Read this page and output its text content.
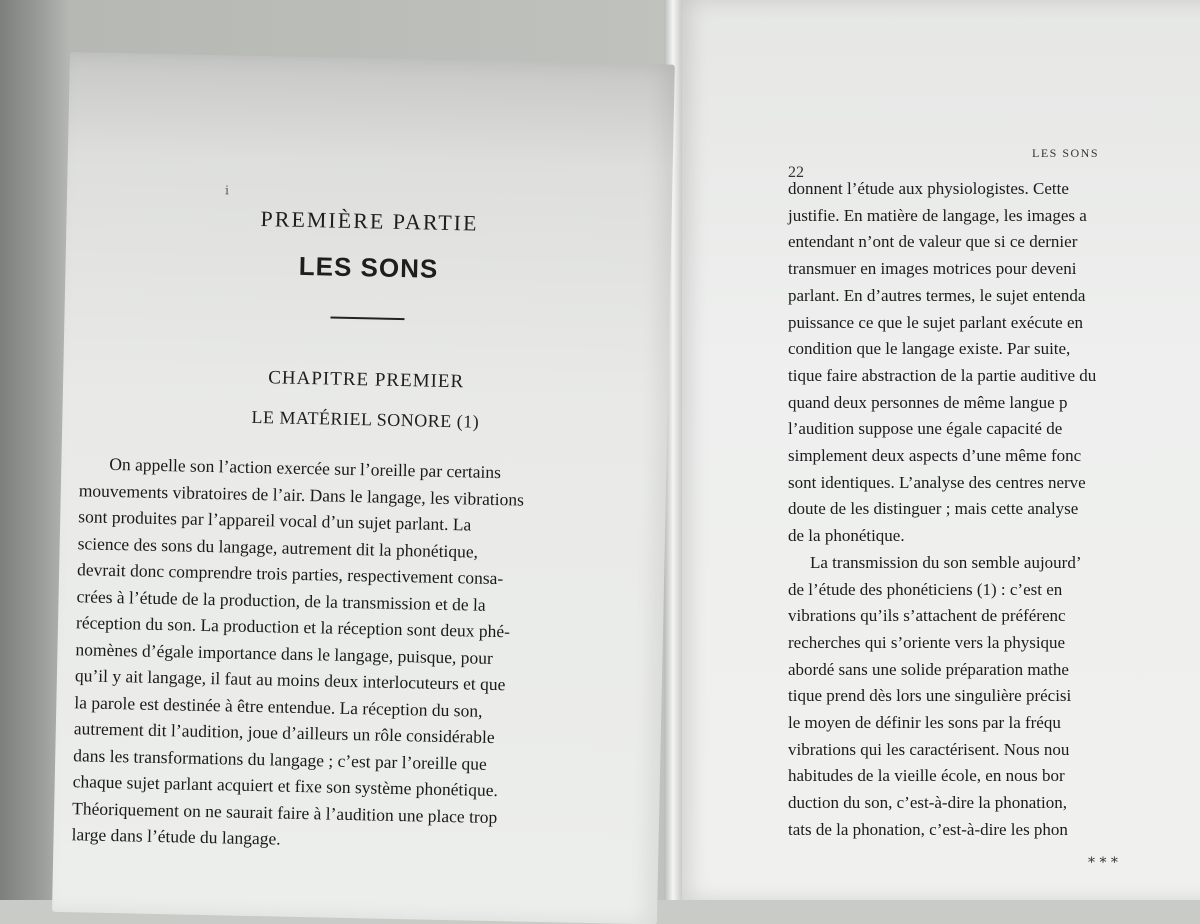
i
PREMIÈRE PARTIE
LES SONS
CHAPITRE PREMIER
LE MATÉRIEL SONORE (1)
On appelle son l’action exercée sur l’oreille par certains
mouvements vibratoires de l’air. Dans le langage, les vibrations
sont produites par l’appareil vocal d’un sujet parlant. La
science des sons du langage, autrement dit la phonétique,
devrait donc comprendre trois parties, respectivement consa-
crées à l’étude de la production, de la transmission et de la
réception du son. La production et la réception sont deux phé-
nomènes d’égale importance dans le langage, puisque, pour
qu’il y ait langage, il faut au moins deux interlocuteurs et que
la parole est destinée à être entendue. La réception du son,
autrement dit l’audition, joue d’ailleurs un rôle considérable
dans les transformations du langage ; c’est par l’oreille que
chaque sujet parlant acquiert et fixe son système phonétique.
Théoriquement on ne saurait faire à l’audition une place trop
large dans l’étude du langage.
LES SONS
22
donnent l’étude aux physiologistes. Cette
justifie. En matière de langage, les images a
entendant n’ont de valeur que si ce dernier
transmuer en images motrices pour deveni
parlant. En d’autres termes, le sujet entenda
puissance ce que le sujet parlant exécute en
condition que le langage existe. Par suite,
tique faire abstraction de la partie auditive du
quand deux personnes de même langue p
l’audition suppose une égale capacité de
simplement deux aspects d’une même fonc
sont identiques. L’analyse des centres nerve
doute de les distinguer ; mais cette analyse
de la phonétique.
La transmission du son semble aujourd’
de l’étude des phonéticiens (1) : c’est en
vibrations qu’ils s’attachent de préférenc
recherches qui s’oriente vers la physique
abordé sans une solide préparation mathe
tique prend dès lors une singulière précisi
le moyen de définir les sons par la fréqu
vibrations qui les caractérisent. Nous nou
habitudes de la vieille école, en nous bor
duction du son, c’est-à-dire la phonation,
tats de la phonation, c’est-à-dire les phon
* * *
